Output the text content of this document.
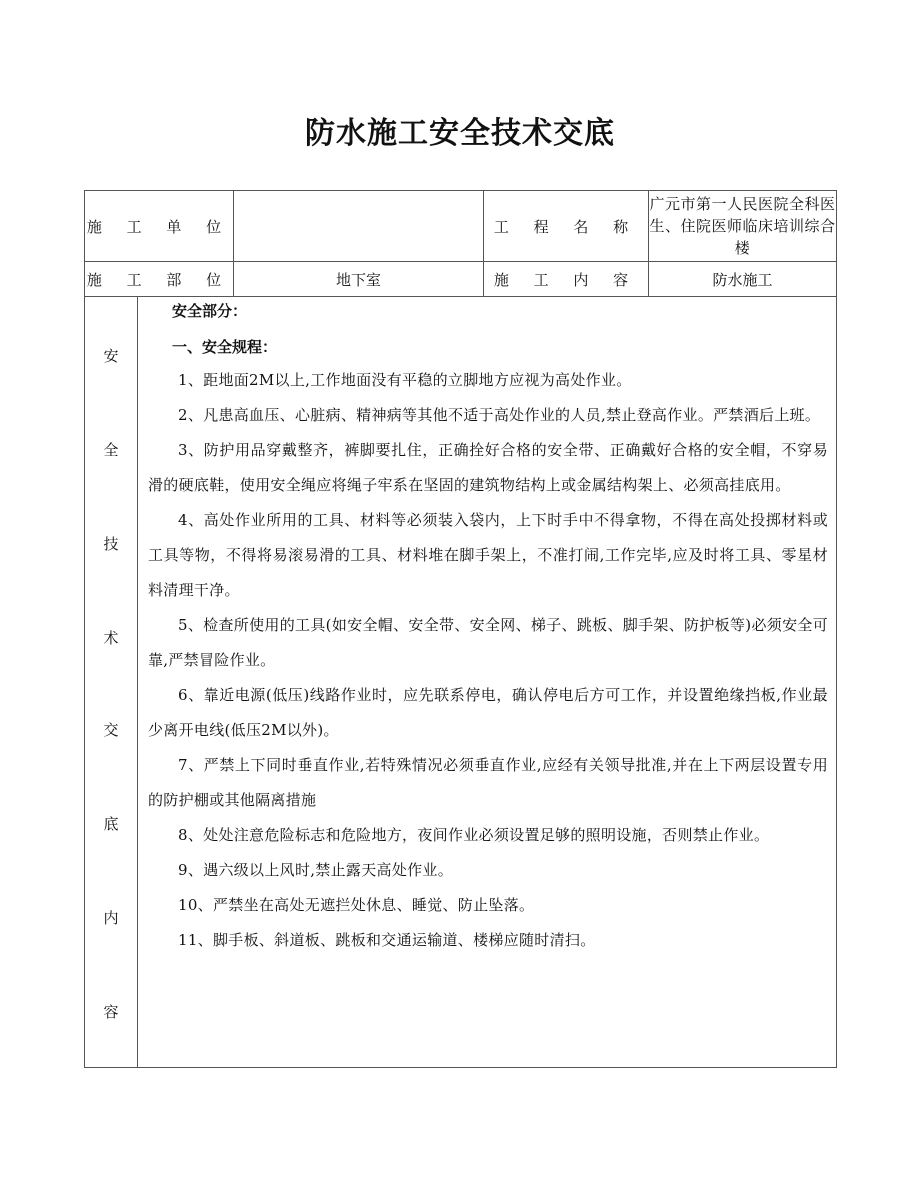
防水施工安全技术交底
施 工 单 位		工 程 名 称	广元市第一人民医院全科医生、住院医师临床培训综合楼
施 工 部 位	地下室	施 工 内 容	防水施工
安
全
技
术
交
底
内
容

安全部分：

一、安全规程：

1、距地面2M以上,工作地面没有平稳的立脚地方应视为高处作业。

2、凡患高血压、心脏病、精神病等其他不适于高处作业的人员,禁止登高作业。严禁酒后上班。

3、防护用品穿戴整齐，裤脚要扎住，正确拴好合格的安全带、正确戴好合格的安全帽，不穿易滑的硬底鞋，使用安全绳应将绳子牢系在坚固的建筑物结构上或金属结构架上、必须高挂底用。

4、高处作业所用的工具、材料等必须装入袋内，上下时手中不得拿物，不得在高处投掷材料或工具等物，不得将易滚易滑的工具、材料堆在脚手架上，不准打闹,工作完毕,应及时将工具、零星材料清理干净。

5、检查所使用的工具(如安全帽、安全带、安全网、梯子、跳板、脚手架、防护板等)必须安全可靠,严禁冒险作业。

6、靠近电源(低压)线路作业时，应先联系停电，确认停电后方可工作，并设置绝缘挡板,作业最少离开电线(低压2M以外)。

7、严禁上下同时垂直作业,若特殊情况必须垂直作业,应经有关领导批准,并在上下两层设置专用的防护棚或其他隔离措施

8、处处注意危险标志和危险地方，夜间作业必须设置足够的照明设施，否则禁止作业。

9、遇六级以上风时,禁止露天高处作业。

10、严禁坐在高处无遮拦处休息、睡觉、防止坠落。

11、脚手板、斜道板、跳板和交通运输道、楼梯应随时清扫。
